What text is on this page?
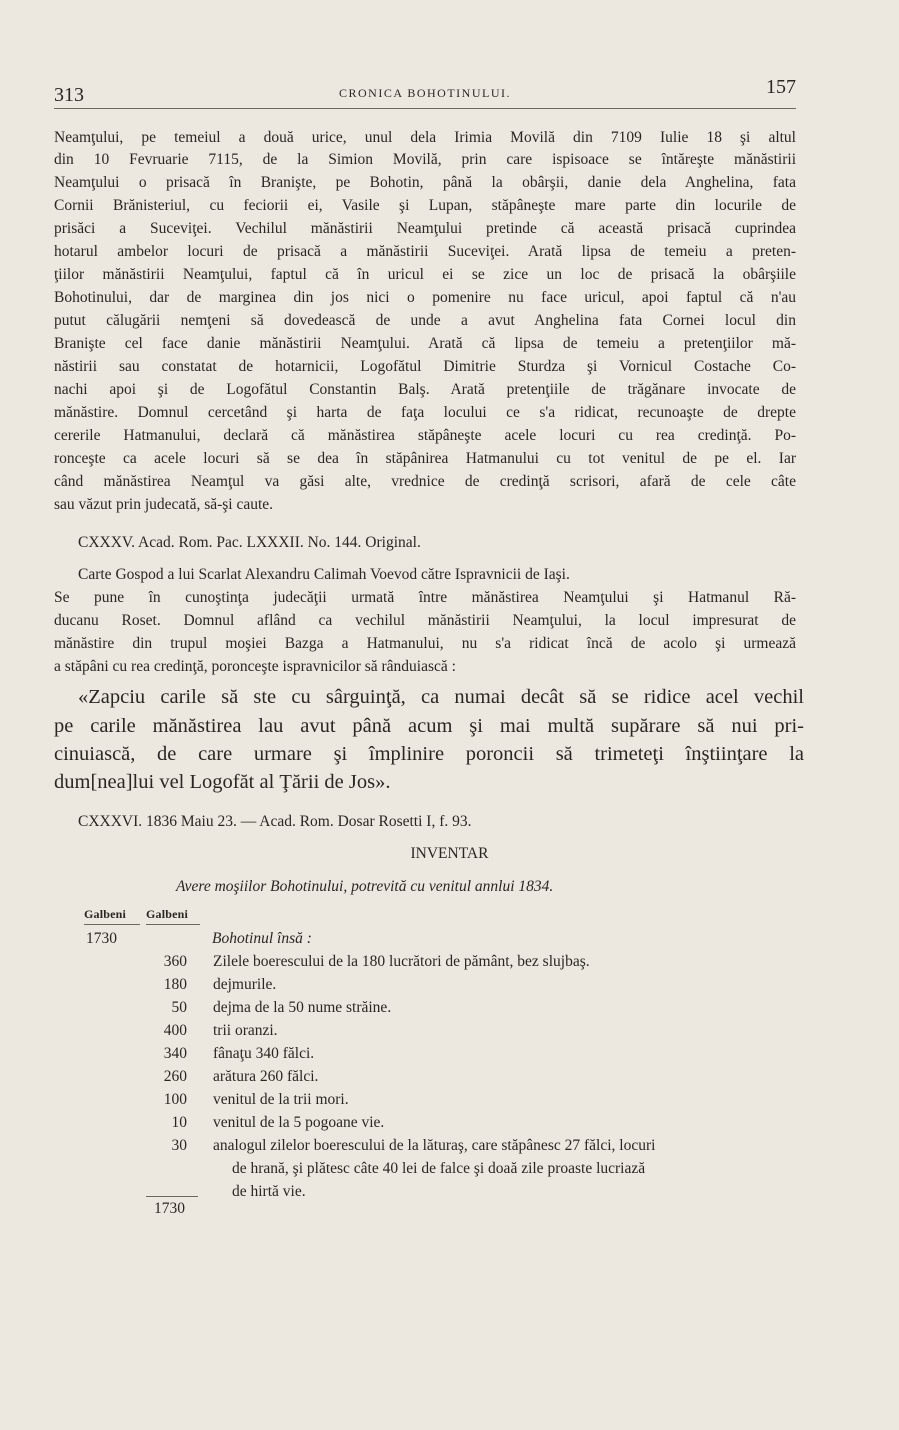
313	CRONICA BOHOTINULUI.	157
Neamţului, pe temeiul a două urice, unul dela Irimia Movilă din 7109 Iulie 18 şi altul
din 10 Fevruarie 7115, de la Simion Movilă, prin care ispisoace se întăreşte mănăstirii
Neamţului o prisacă în Branişte, pe Bohotin, până la obârşii, danie dela Anghelina, fata
Cornii Brănisteriul, cu feciorii ei, Vasile şi Lupan, stăpâneşte mare parte din locurile de
prisăci a Suceviţei. Vechilul mănăstirii Neamţului pretinde că această prisacă cuprindea
hotarul ambelor locuri de prisacă a mănăstirii Suceviţei. Arată lipsa de temeiu a preten-
ţiilor mănăstirii Neamţului, faptul că în uricul ei se zice un loc de prisacă la obârşiile
Bohotinului, dar de marginea din jos nici o pomenire nu face uricul, apoi faptul că n'au
putut călugării nemţeni să dovedească de unde a avut Anghelina fata Cornei locul din
Branişte cel face danie mănăstirii Neamţului. Arată că lipsa de temeiu a pretenţiilor mă-
năstirii sau constatat de hotarnicii, Logofătul Dimitrie Sturdza şi Vornicul Costache Co-
nachi apoi şi de Logofătul Constantin Balş. Arată pretenţiile de trăgănare invocate de
mănăstire. Domnul cercetând şi harta de faţa locului ce s'a ridicat, recunoaşte de drepte
cererile Hatmanului, declară că mănăstirea stăpâneşte acele locuri cu rea credinţă. Po-
ronceşte ca acele locuri să se dea în stăpânirea Hatmanului cu tot venitul de pe el. Iar
când mănăstirea Neamţul va găsi alte, vrednice de credinţă scrisori, afară de cele câte
sau văzut prin judecată, să-şi caute.
CXXXV. Acad. Rom. Pac. LXXXII. No. 144. Original.
Carte Gospod a lui Scarlat Alexandru Calimah Voevod către Ispravnicii de Iaşi.
Se pune în cunoştinţa judecăţii urmată între mănăstirea Neamţului şi Hatmanul Ră-
ducanu Roset. Domnul aflând ca vechilul mănăstirii Neamţului, la locul impresurat de
mănăstire din trupul moşiei Bazga a Hatmanului, nu s'a ridicat încă de acolo şi urmează
a stăpâni cu rea credinţă, poronceşte ispravnicilor să rânduiască :
«Zapciu carile să ste cu sârguinţă, ca numai decât să se ridice acel vechil
pe carile mănăstirea lau avut până acum şi mai multă supărare să nui pri-
cinuiască, de care urmare şi împlinire poroncii să trimeteţi înştiinţare la
dum[nea]lui vel Logofăt al Ţării de Jos».
CXXXVI. 1836 Maiu 23. — Acad. Rom. Dosar Rosetti I, f. 93.
INVENTAR
Avere moşiilor Bohotinului, potrevită cu venitul annlui 1834.
Galbeni Galbeni
1730	Bohotinul însă :
360 Zilele boerescului de la 180 lucrători de pământ, bez slujbaş.
180 dejmurile.
50 dejma de la 50 nume străine.
400 trii oranzi.
340 fânaţu 340 fălci.
260 arătura 260 fălci.
100 venitul de la trii mori.
10 venitul de la 5 pogoane vie.
30 analogul zilelor boerescului de la lăturaş, care stăpânesc 27 fălci, locuri
de hrană, şi plătesc câte 40 lei de falce şi doaă zile proaste lucriază
de hirtă vie.
1730
